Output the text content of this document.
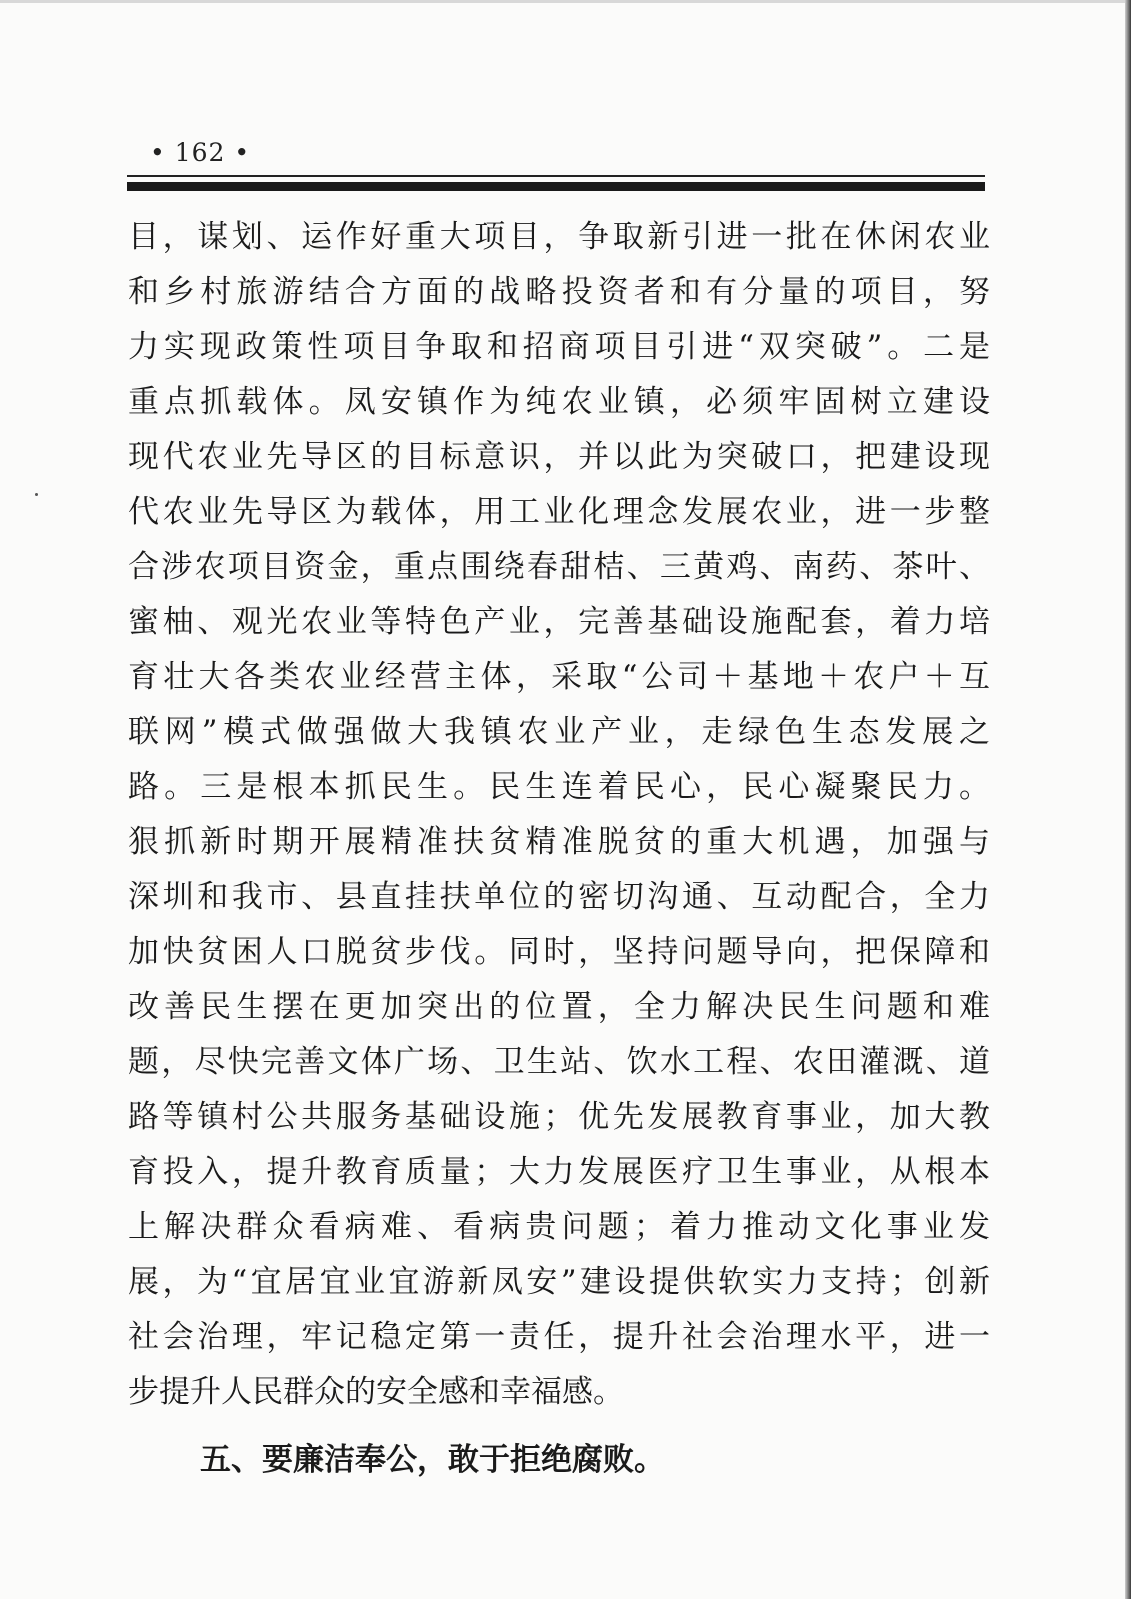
• 162 •
目，谋划、运作好重大项目，争取新引进一批在休闲农业
和乡村旅游结合方面的战略投资者和有分量的项目，努
力实现政策性项目争取和招商项目引进“双突破”。二是
重点抓载体。凤安镇作为纯农业镇，必须牢固树立建设
现代农业先导区的目标意识，并以此为突破口，把建设现
代农业先导区为载体，用工业化理念发展农业，进一步整
合涉农项目资金，重点围绕春甜桔、三黄鸡、南药、茶叶、
蜜柚、观光农业等特色产业，完善基础设施配套，着力培
育壮大各类农业经营主体，采取“公司＋基地＋农户＋互
联网”模式做强做大我镇农业产业，走绿色生态发展之
路。三是根本抓民生。民生连着民心，民心凝聚民力。
狠抓新时期开展精准扶贫精准脱贫的重大机遇，加强与
深圳和我市、县直挂扶单位的密切沟通、互动配合，全力
加快贫困人口脱贫步伐。同时，坚持问题导向，把保障和
改善民生摆在更加突出的位置，全力解决民生问题和难
题，尽快完善文体广场、卫生站、饮水工程、农田灌溉、道
路等镇村公共服务基础设施；优先发展教育事业，加大教
育投入，提升教育质量；大力发展医疗卫生事业，从根本
上解决群众看病难、看病贵问题；着力推动文化事业发
展，为“宜居宜业宜游新凤安”建设提供软实力支持；创新
社会治理，牢记稳定第一责任，提升社会治理水平，进一
步提升人民群众的安全感和幸福感。
五、要廉洁奉公，敢于拒绝腐败。
